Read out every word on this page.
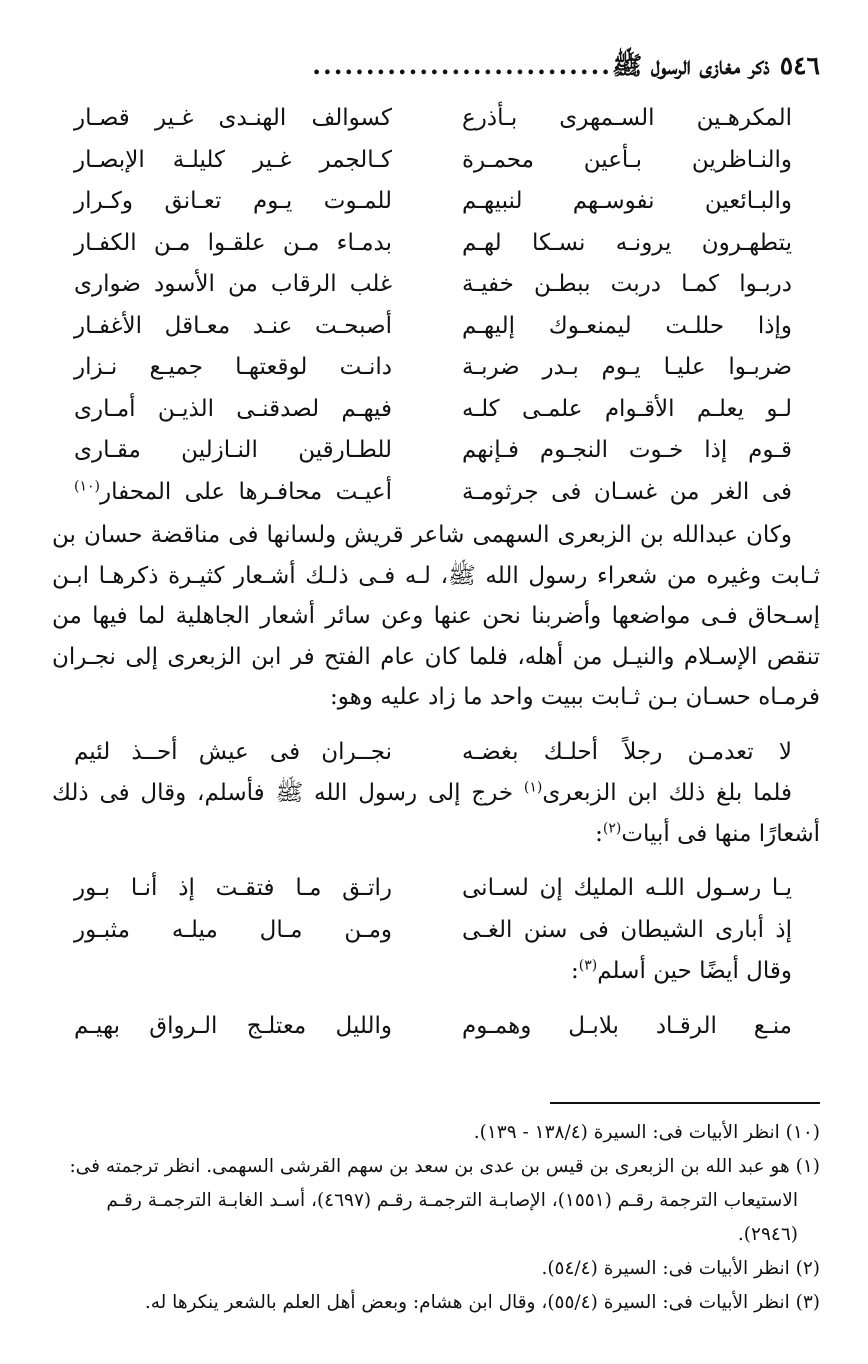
٥٤٦
ذكر مغازى الرسول ﷺ
............................
المكرهـين السـمهرى بـأذرع
كسوالف الهنـدى غـير قصـار
والنـاظرين بـأعين محمـرة
كـالجمر غـير كليلـة الإبصـار
والبـائعين نفوسـهم لنبيهـم
للمـوت يـوم تعـانق وكـرار
يتطهـرون يرونـه نسـكا لهـم
بدمـاء مـن علقـوا مـن الكفـار
دربـوا كمـا دربت ببطـن خفيـة
غلب الرقاب من الأسود ضوارى
وإذا حللـت ليمنعـوك إليهـم
أصبحـت عنـد معـاقل الأغفـار
ضربـوا عليـا يـوم بـدر ضربـة
دانـت لوقعتهـا جميـع نـزار
لـو يعلـم الأقـوام علمـى كلـه
فيهـم لصدقنـى الذيـن أمـارى
قـوم إذا خـوت النجـوم فـإنهم
للطـارقين النـازلين مقـارى
فى الغر من غسـان فى جرثومـة
أعيـت محافـرها على المحفار$^{(١٠)}$

وكان عبدالله بن الزبعرى السهمى شاعر قريش ولسانها فى مناقضة حسان بن ثـابت وغيره من شعراء رسول الله ﷺ، لـه فـى ذلـك أشـعار كثيـرة ذكرهـا ابـن إسـحاق فـى مواضعها وأضربنا نحن عنها وعن سائر أشعار الجاهلية لما فيها من تنقص الإسـلام والنيـل من أهله، فلما كان عام الفتح فر ابن الزبعرى إلى نجـران فرمـاه حسـان بـن ثـابت ببيت واحد ما زاد عليه وهو:

لا تعدمـن رجلاً أحلـك بغضـه
نجــران فى عيش أحــذ لئيم

فلما بلغ ذلك ابن الزبعرى$^{(١)}$ خرج إلى رسول الله ﷺ فأسلم، وقال فى ذلك أشعارًا منها فى أبيات$^{(٢)}$:

يـا رسـول اللـه المليك إن لسـانى
راتـق مـا فتقـت إذ أنـا بـور
إذ أبارى الشيطان فى سنن الغـى
ومـن مـال ميلـه مثبـور

وقال أيضًا حين أسلم$^{(٣)}$:

منـع الرقـاد بلابـل وهمـوم
والليل معتلـج الـرواق بهيـم

(١٠) انظر الأبيات فى: السيرة (١٣٨/٤ - ١٣٩).

(١) هو عبد الله بن الزبعرى بن قيس بن عدى بن سعد بن سهم القرشى السهمى. انظر ترجمته فى:
الاستيعاب الترجمة رقـم (١٥٥١)، الإصابـة الترجمـة رقـم (٤٦٩٧)، أسـد الغابـة الترجمـة رقـم
(٢٩٤٦).

(٢) انظر الأبيات فى: السيرة (٥٤/٤).

(٣) انظر الأبيات فى: السيرة (٥٥/٤)، وقال ابن هشام: وبعض أهل العلم بالشعر ينكرها له.
